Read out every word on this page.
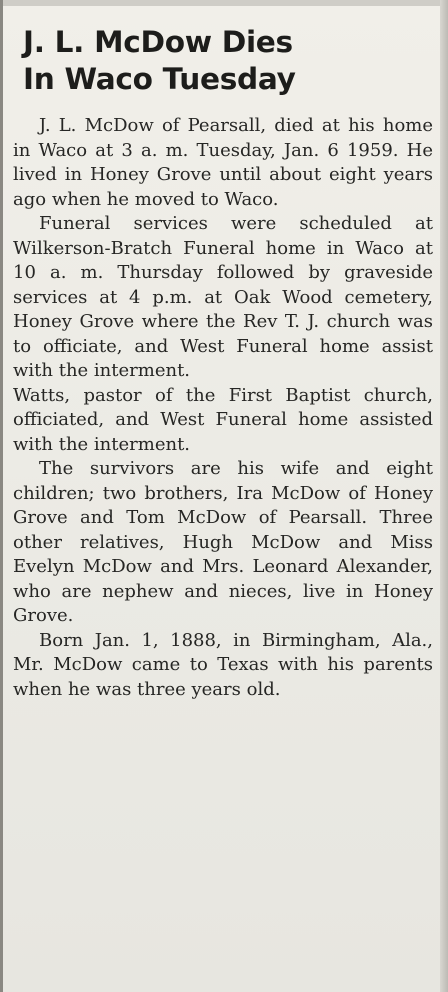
J. L. McDow Dies
In Waco Tuesday

J. L. McDow of Pearsall, died at his home in Waco at 3 a. m. Tuesday, Jan. 6 1959. He lived in Honey Grove until about eight years ago when he moved to Waco.

Funeral services were scheduled at Wilkerson-Bratch Funeral home in Waco at 10 a. m. Thursday followed by graveside services at 4 p.m. at Oak Wood cemetery, Honey Grove where the Rev T. J. church was to officiate, and West Funeral home assist with the interment.

Watts, pastor of the First Baptist church, officiated, and West Funeral home assisted with the interment.

The survivors are his wife and eight children; two brothers, Ira McDow of Honey Grove and Tom McDow of Pearsall. Three other relatives, Hugh McDow and Miss Evelyn McDow and Mrs. Leonard Alexander, who are nephew and nieces, live in Honey Grove.

Born Jan. 1, 1888, in Birmingham, Ala., Mr. McDow came to Texas with his parents when he was three years old.
